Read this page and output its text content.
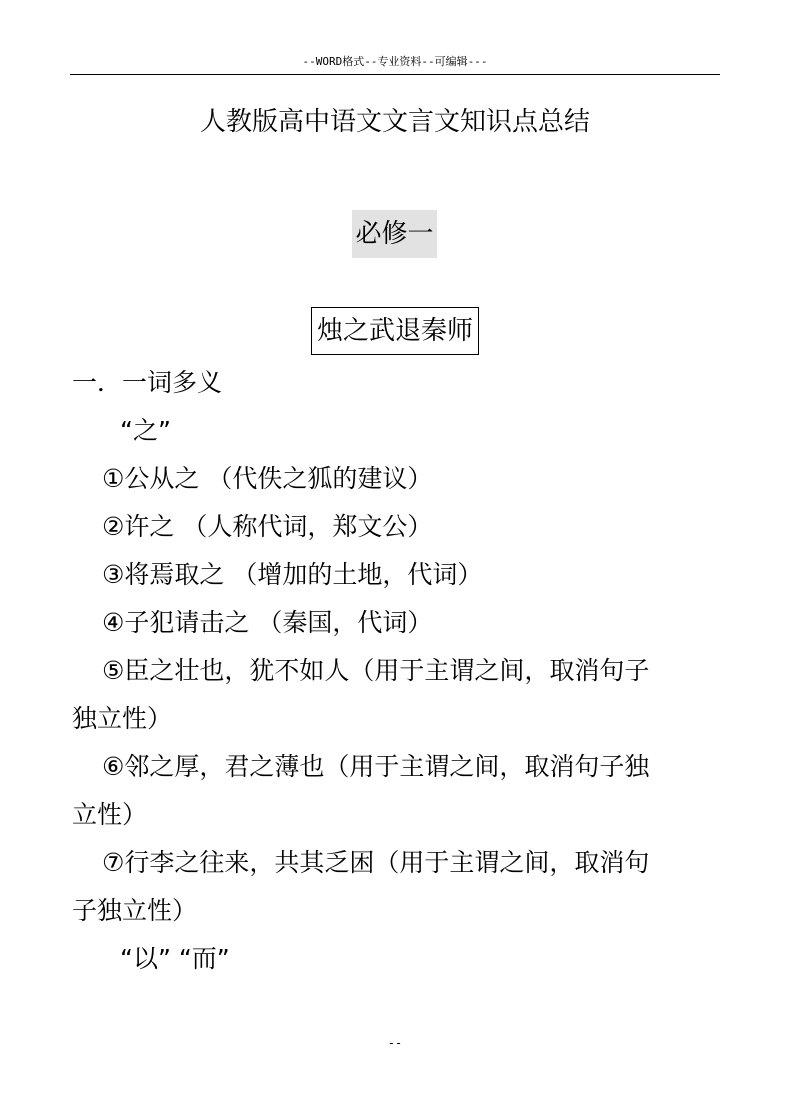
--WORD格式--专业资料--可编辑---
人教版高中语文文言文知识点总结
必修一
烛之武退秦师
一．一词多义
“之”
①公从之 （代佚之狐的建议）
②许之 （人称代词，郑文公）
③将焉取之 （增加的土地，代词）
④子犯请击之 （秦国，代词）
⑤臣之壮也，犹不如人（用于主谓之间，取消句子
独立性）
⑥邻之厚，君之薄也（用于主谓之间，取消句子独
立性）
⑦行李之往来，共其乏困（用于主谓之间，取消句
子独立性）
“以” “而”
--
